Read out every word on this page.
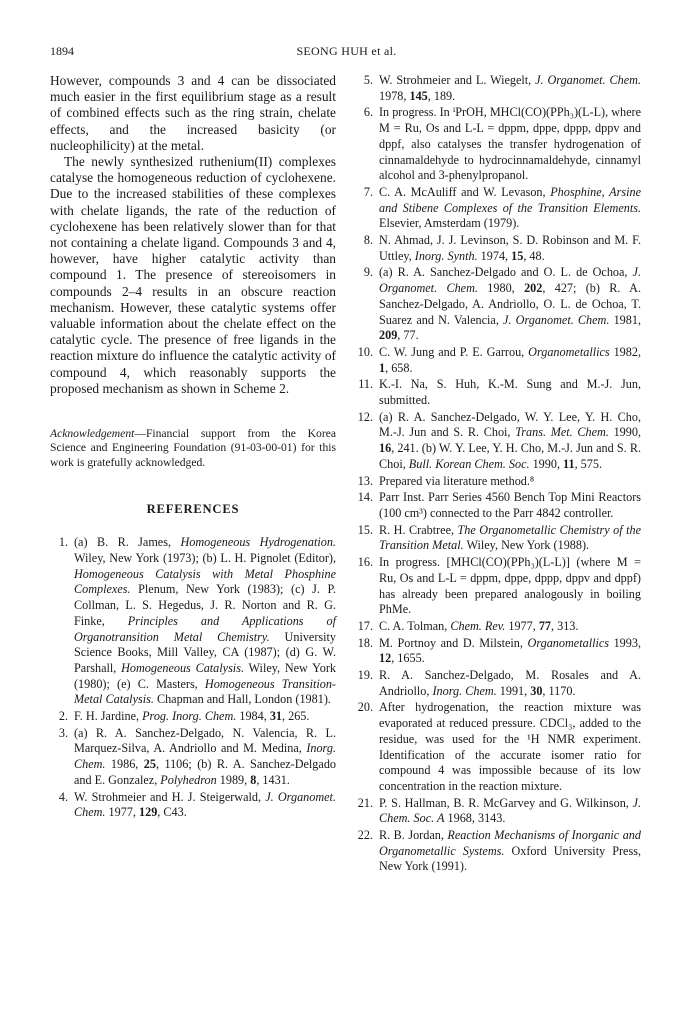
1894	SEONG HUH et al.

However, compounds 3 and 4 can be dissociated much easier in the first equilibrium stage as a result of combined effects such as the ring strain, chelate effects, and the increased basicity (or nucleophilicity) at the metal.

The newly synthesized ruthenium(II) complexes catalyse the homogeneous reduction of cyclohexene. Due to the increased stabilities of these complexes with chelate ligands, the rate of the reduction of cyclohexene has been relatively slower than for that not containing a chelate ligand. Compounds 3 and 4, however, have higher catalytic activity than compound 1. The presence of stereoisomers in compounds 2–4 results in an obscure reaction mechanism. However, these catalytic systems offer valuable information about the chelate effect on the catalytic cycle. The presence of free ligands in the reaction mixture do influence the catalytic activity of compound 4, which reasonably supports the proposed mechanism as shown in Scheme 2.

Acknowledgement—Financial support from the Korea Science and Engineering Foundation (91-03-00-01) for this work is gratefully acknowledged.

REFERENCES
1. (a) B. R. James, Homogeneous Hydrogenation. Wiley, New York (1973); (b) L. H. Pignolet (Editor), Homogeneous Catalysis with Metal Phosphine Complexes. Plenum, New York (1983); (c) J. P. Collman, L. S. Hegedus, J. R. Norton and R. G. Finke, Principles and Applications of Organotransition Metal Chemistry. University Science Books, Mill Valley, CA (1987); (d) G. W. Parshall, Homogeneous Catalysis. Wiley, New York (1980); (e) C. Masters, Homogeneous Transition-Metal Catalysis. Chapman and Hall, London (1981).
2. F. H. Jardine, Prog. Inorg. Chem. 1984, 31, 265.
3. (a) R. A. Sanchez-Delgado, N. Valencia, R. L. Marquez-Silva, A. Andriollo and M. Medina, Inorg. Chem. 1986, 25, 1106; (b) R. A. Sanchez-Delgado and E. Gonzalez, Polyhedron 1989, 8, 1431.
4. W. Strohmeier and H. J. Steigerwald, J. Organomet. Chem. 1977, 129, C43.
5. W. Strohmeier and L. Wiegelt, J. Organomet. Chem. 1978, 145, 189.
6. In progress. In ⁱPrOH, MHCl(CO)(PPh₃)(L-L), where M = Ru, Os and L-L = dppm, dppe, dppp, dppv and dppf, also catalyses the transfer hydrogenation of cinnamaldehyde to hydrocinnamaldehyde, cinnamyl alcohol and 3-phenylpropanol.
7. C. A. McAuliff and W. Levason, Phosphine, Arsine and Stibene Complexes of the Transition Elements. Elsevier, Amsterdam (1979).
8. N. Ahmad, J. J. Levinson, S. D. Robinson and M. F. Uttley, Inorg. Synth. 1974, 15, 48.
9. (a) R. A. Sanchez-Delgado and O. L. de Ochoa, J. Organomet. Chem. 1980, 202, 427; (b) R. A. Sanchez-Delgado, A. Andriollo, O. L. de Ochoa, T. Suarez and N. Valencia, J. Organomet. Chem. 1981, 209, 77.
10. C. W. Jung and P. E. Garrou, Organometallics 1982, 1, 658.
11. K.-I. Na, S. Huh, K.-M. Sung and M.-J. Jun, submitted.
12. (a) R. A. Sanchez-Delgado, W. Y. Lee, Y. H. Cho, M.-J. Jun and S. R. Choi, Trans. Met. Chem. 1990, 16, 241. (b) W. Y. Lee, Y. H. Cho, M.-J. Jun and S. R. Choi, Bull. Korean Chem. Soc. 1990, 11, 575.
13. Prepared via literature method.⁸
14. Parr Inst. Parr Series 4560 Bench Top Mini Reactors (100 cm³) connected to the Parr 4842 controller.
15. R. H. Crabtree, The Organometallic Chemistry of the Transition Metal. Wiley, New York (1988).
16. In progress. [MHCl(CO)(PPh₃)(L-L)] (where M = Ru, Os and L-L = dppm, dppe, dppp, dppv and dppf) has already been prepared analogously in boiling PhMe.
17. C. A. Tolman, Chem. Rev. 1977, 77, 313.
18. M. Portnoy and D. Milstein, Organometallics 1993, 12, 1655.
19. R. A. Sanchez-Delgado, M. Rosales and A. Andriollo, Inorg. Chem. 1991, 30, 1170.
20. After hydrogenation, the reaction mixture was evaporated at reduced pressure. CDCl₃, added to the residue, was used for the ¹H NMR experiment. Identification of the accurate isomer ratio for compound 4 was impossible because of its low concentration in the reaction mixture.
21. P. S. Hallman, B. R. McGarvey and G. Wilkinson, J. Chem. Soc. A 1968, 3143.
22. R. B. Jordan, Reaction Mechanisms of Inorganic and Organometallic Systems. Oxford University Press, New York (1991).
